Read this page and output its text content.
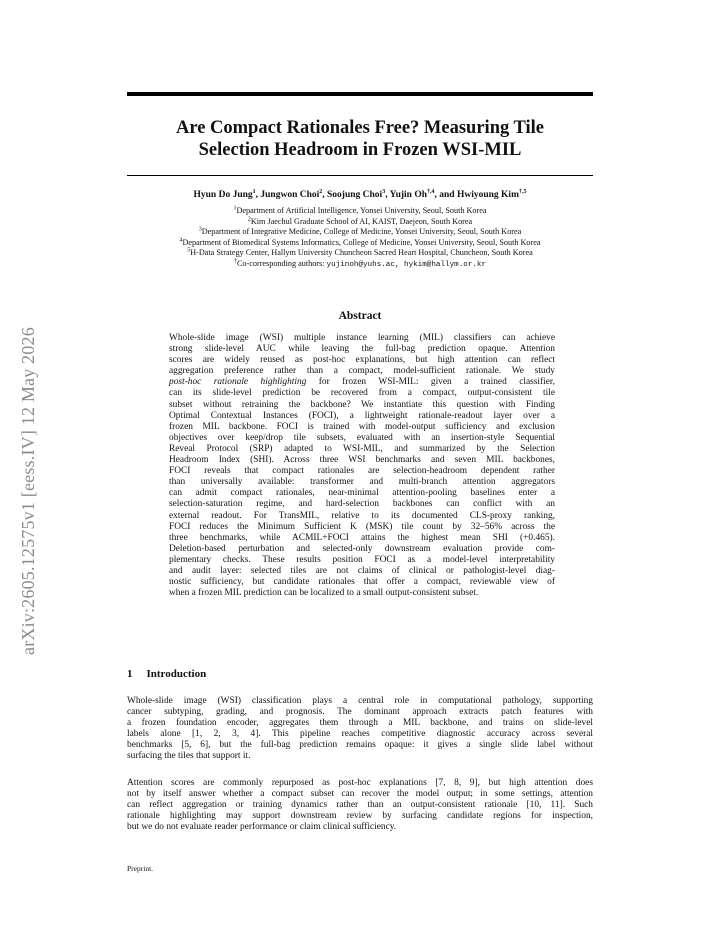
arXiv:2605.12575v1 [eess.IV] 12 May 2026
Are Compact Rationales Free? Measuring Tile
Selection Headroom in Frozen WSI-MIL
Hyun Do Jung$^1$, Jungwon Choi$^2$, Soojung Choi$^3$, Yujin $Oh^{\dagger,4}$, and Hwiyoung Kim$^{\dagger,5}$
$^1$Department of Artificial Intelligence, Yonsei University, Seoul, South Korea
$^2$Kim Jaechul Graduate School of AI, KAIST, Daejeon, South Korea
$^3$Department of Integrative Medicine, College of Medicine, Yonsei University, Seoul, South Korea
$^4$Department of Biomedical Systems Informatics, College of Medicine, Yonsei University, Seoul, South Korea
$^5$H-Data Strategy Center, Hallym University Chuncheon Sacred Heart Hospital, Chuncheon, South Korea
†Co-corresponding authors: yujinoh@yuhs.ac, hykim@hallym.or.kr
Abstract
Whole-slide image (WSI) multiple instance learning (MIL) classifiers can achieve
strong slide-level AUC while leaving the full-bag prediction opaque. Attention
scores are widely reused as post-hoc explanations, but high attention can reflect
aggregation preference rather than a compact, model-sufficient rationale. We study
post-hoc rationale highlighting for frozen WSI-MIL: given a trained classifier,
can its slide-level prediction be recovered from a compact, output-consistent tile
subset without retraining the backbone? We instantiate this question with Finding
Optimal Contextual Instances (FOCI), a lightweight rationale-readout layer over a
frozen MIL backbone. FOCI is trained with model-output sufficiency and exclusion
objectives over keep/drop tile subsets, evaluated with an insertion-style Sequential
Reveal Protocol (SRP) adapted to WSI-MIL, and summarized by the Selection
Headroom Index (SHI). Across three WSI benchmarks and seven MIL backbones,
FOCI reveals that compact rationales are selection-headroom dependent rather
than universally available: transformer and multi-branch attention aggregators
can admit compact rationales, near-minimal attention-pooling baselines enter a
selection-saturation regime, and hard-selection backbones can conflict with an
external readout. For TransMIL, relative to its documented CLS-proxy ranking,
FOCI reduces the Minimum Sufficient K (MSK) tile count by 32–56% across the
three benchmarks, while ACMIL+FOCI attains the highest mean SHI (+0.465).
Deletion-based perturbation and selected-only downstream evaluation provide com-
plementary checks. These results position FOCI as a model-level interpretability
and audit layer: selected tiles are not claims of clinical or pathologist-level diag-
nostic sufficiency, but candidate rationales that offer a compact, reviewable view of
when a frozen MIL prediction can be localized to a small output-consistent subset.
1 Introduction
Whole-slide image (WSI) classification plays a central role in computational pathology, supporting
cancer subtyping, grading, and prognosis. The dominant approach extracts patch features with
a frozen foundation encoder, aggregates them through a MIL backbone, and trains on slide-level
labels alone [1, 2, 3, 4]. This pipeline reaches competitive diagnostic accuracy across several
benchmarks [5, 6], but the full-bag prediction remains opaque: it gives a single slide label without
surfacing the tiles that support it.
Attention scores are commonly repurposed as post-hoc explanations [7, 8, 9], but high attention does
not by itself answer whether a compact subset can recover the model output; in some settings, attention
can reflect aggregation or training dynamics rather than an output-consistent rationale [10, 11]. Such
rationale highlighting may support downstream review by surfacing candidate regions for inspection,
but we do not evaluate reader performance or claim clinical sufficiency.
Preprint.
